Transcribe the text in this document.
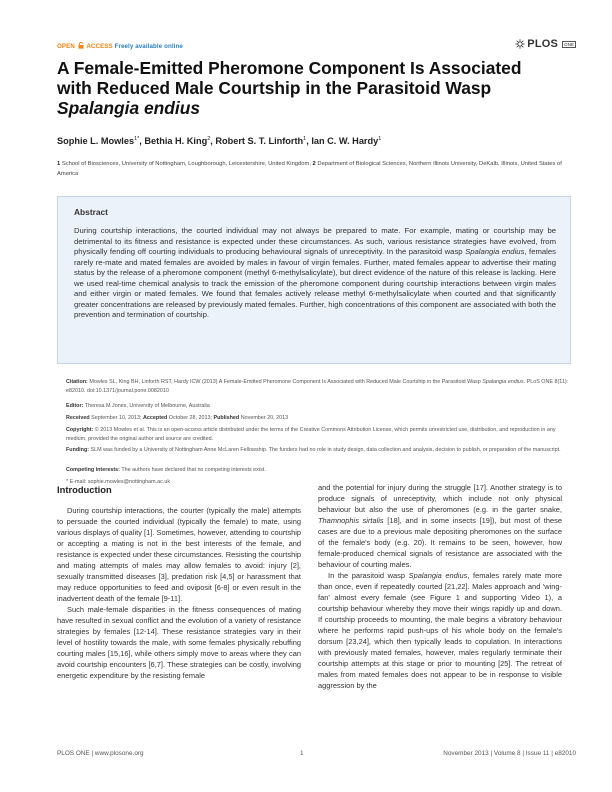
OPEN ACCESS Freely available online	PLOS	ONE
A Female-Emitted Pheromone Component Is Associated with Reduced Male Courtship in the Parasitoid Wasp Spalangia endius

Sophie L. Mowles$^{1*}$, Bethia H. King$^2$, Robert S. T. Linforth$^1$, Ian C. W. Hardy$^1$

1 School of Biosciences, University of Nottingham, Loughborough, Leicestershire, United Kingdom, 2 Department of Biological Sciences, Northern Illinois University, DeKalb, Illinois, United States of America

Abstract

During courtship interactions, the courted individual may not always be prepared to mate. For example, mating or courtship may be detrimental to its fitness and resistance is expected under these circumstances. As such, various resistance strategies have evolved, from physically fending off courting individuals to producing behavioural signals of unreceptivity. In the parasitoid wasp Spalangia endius, females rarely re-mate and mated females are avoided by males in favour of virgin females. Further, mated females appear to advertise their mating status by the release of a pheromone component (methyl 6-methylsalicylate), but direct evidence of the nature of this release is lacking. Here we used real-time chemical analysis to track the emission of the pheromone component during courtship interactions between virgin males and either virgin or mated females. We found that females actively release methyl 6-methylsalicylate when courted and that significantly greater concentrations are released by previously mated females. Further, high concentrations of this component are associated with both the prevention and termination of courtship.

Citation: Mowles SL, King BH, Linforth RST, Hardy ICW (2013) A Female-Emitted Pheromone Component Is Associated with Reduced Male Courtship in the Parasitoid Wasp Spalangia endius. PLoS ONE 8(11): e82010. doi:10.1371/journal.pone.0082010

Editor: Theresa M Jones, University of Melbourne, Australia

Received September 10, 2013; Accepted October 28, 2013; Published November 20, 2013

Copyright: © 2013 Mowles et al. This is an open-access article distributed under the terms of the Creative Commons Attribution License, which permits unrestricted use, distribution, and reproduction in any medium, provided the original author and source are credited.

Funding: SLM was funded by a University of Nottingham Anne McLaren Fellowship. The funders had no role in study design, data collection and analysis, decision to publish, or preparation of the manuscript.

Competing interests: The authors have declared that no competing interests exist.

* E-mail: sophie.mowles@nottingham.ac.uk

Introduction

During courtship interactions, the courter (typically the male) attempts to persuade the courted individual (typically the female) to mate, using various displays of quality [1]. Sometimes, however, attending to courtship or accepting a mating is not in the best interests of the female, and resistance is expected under these circumstances. Resisting the courtship and mating attempts of males may allow females to avoid: injury [2], sexually transmitted diseases [3], predation risk [4,5] or harassment that may reduce opportunities to feed and oviposit [6-8] or even result in the inadvertent death of the female [9-11].

Such male-female disparities in the fitness consequences of mating have resulted in sexual conflict and the evolution of a variety of resistance strategies by females [12-14]. These resistance strategies vary in their level of hostility towards the male, with some females physically rebuffing courting males [15,16], while others simply move to areas where they can avoid courtship encounters [6,7]. These strategies can be costly, involving energetic expenditure by the resisting female

and the potential for injury during the struggle [17]. Another strategy is to produce signals of unreceptivity, which include not only physical behaviour but also the use of pheromones (e.g. in the garter snake, Thamnophis sirtalis [18], and in some insects [19]), but most of these cases are due to a previous male depositing pheromones on the surface of the female's body (e.g. 20). It remains to be seen, however, how female-produced chemical signals of resistance are associated with the behaviour of courting males.

In the parasitoid wasp Spalangia endius, females rarely mate more than once, even if repeatedly courted [21,22]. Males approach and 'wing-fan' almost every female (see Figure 1 and supporting Video 1), a courtship behaviour whereby they move their wings rapidly up and down. If courtship proceeds to mounting, the male begins a vibratory behaviour where he performs rapid push-ups of his whole body on the female's dorsum [23,24], which then typically leads to copulation. In interactions with previously mated females, however, males regularly terminate their courtship attempts at this stage or prior to mounting [25]. The retreat of males from mated females does not appear to be in response to visible aggression by the

PLOS ONE | www.plosone.org	1	November 2013 | Volume 8 | Issue 11 | e82010
